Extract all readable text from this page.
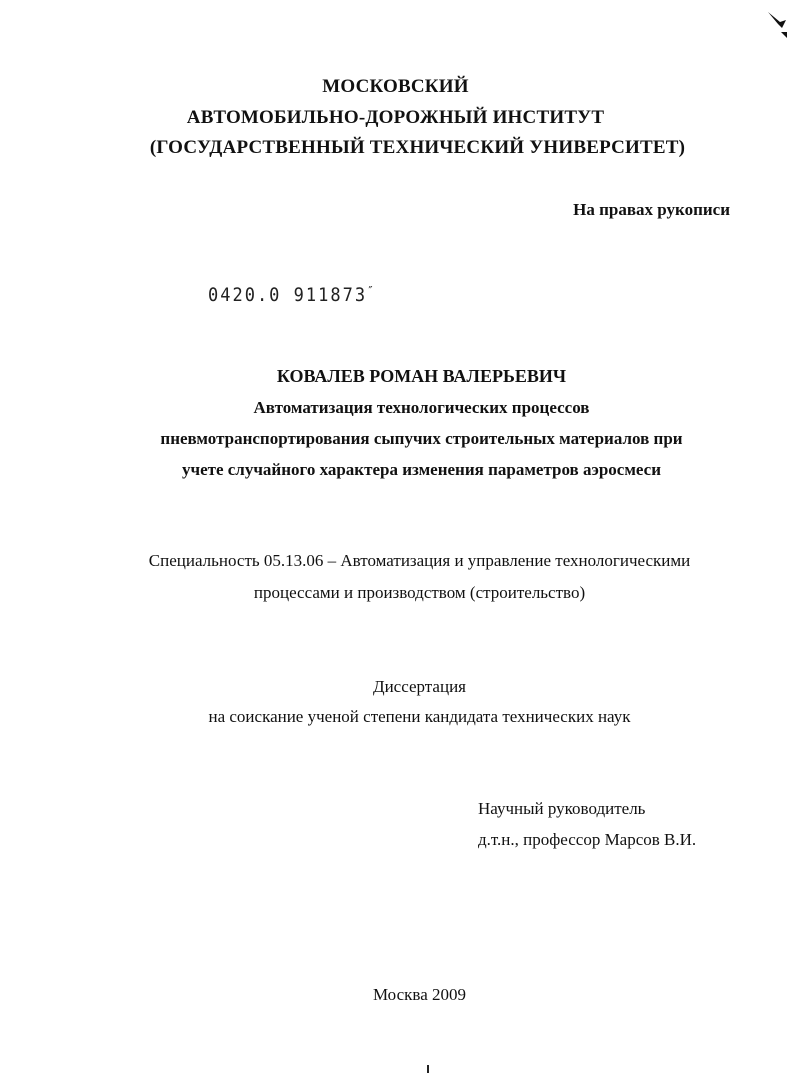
МОСКОВСКИЙ
АВТОМОБИЛЬНО-ДОРОЖНЫЙ ИНСТИТУТ
(ГОСУДАРСТВЕННЫЙ ТЕХНИЧЕСКИЙ УНИВЕРСИТЕТ)
На правах рукописи
0420.0 911873″
КОВАЛЕВ РОМАН ВАЛЕРЬЕВИЧ
Автоматизация технологических процессов
пневмотранспортирования сыпучих строительных материалов при
учете случайного характера изменения параметров аэросмеси
Специальность 05.13.06 – Автоматизация и управление технологическими
процессами и производством (строительство)
Диссертация
на соискание ученой степени кандидата технических наук
Научный руководитель
д.т.н., профессор Марсов В.И.
Москва 2009
